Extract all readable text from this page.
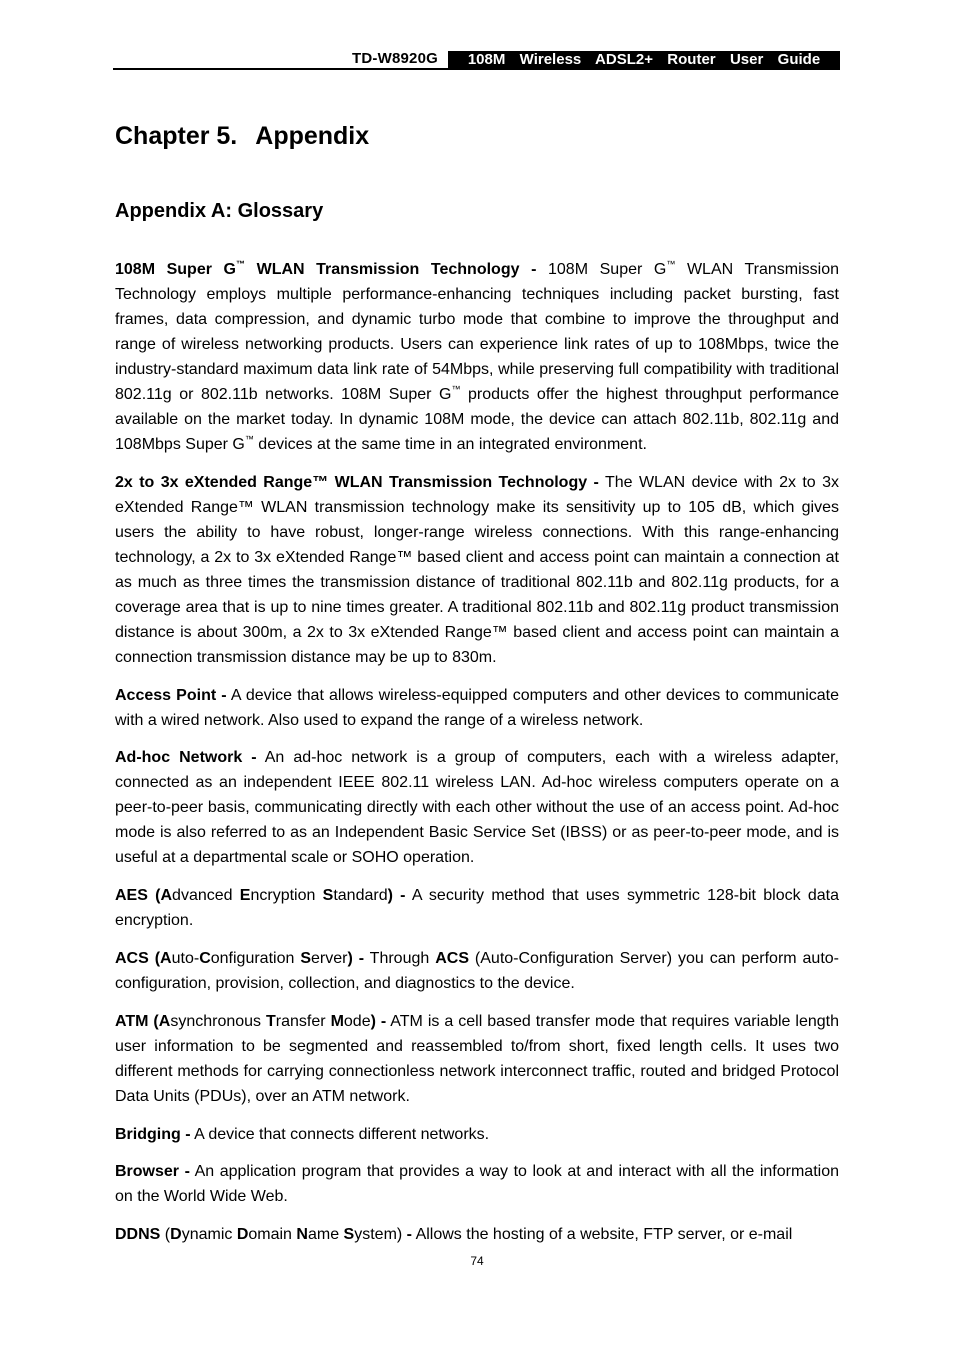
TD-W8920G	108M  Wireless  ADSL2+  Router  User  Guide
Chapter 5. Appendix
Appendix A: Glossary

108M Super G™ WLAN Transmission Technology - 108M Super G™ WLAN Transmission Technology employs multiple performance-enhancing techniques including packet bursting, fast frames, data compression, and dynamic turbo mode that combine to improve the throughput and range of wireless networking products. Users can experience link rates of up to 108Mbps, twice the industry-standard maximum data link rate of 54Mbps, while preserving full compatibility with traditional 802.11g or 802.11b networks. 108M Super G™ products offer the highest throughput performance available on the market today. In dynamic 108M mode, the device can attach 802.11b, 802.11g and 108Mbps Super G™ devices at the same time in an integrated environment.

2x to 3x eXtended Range™ WLAN Transmission Technology - The WLAN device with 2x to 3x eXtended Range™ WLAN transmission technology make its sensitivity up to 105 dB, which gives users the ability to have robust, longer-range wireless connections. With this range-enhancing technology, a 2x to 3x eXtended Range™ based client and access point can maintain a connection at as much as three times the transmission distance of traditional 802.11b and 802.11g products, for a coverage area that is up to nine times greater. A traditional 802.11b and 802.11g product transmission distance is about 300m, a 2x to 3x eXtended Range™ based client and access point can maintain a connection transmission distance may be up to 830m.

Access Point - A device that allows wireless-equipped computers and other devices to communicate with a wired network. Also used to expand the range of a wireless network.

Ad-hoc Network - An ad-hoc network is a group of computers, each with a wireless adapter, connected as an independent IEEE 802.11 wireless LAN. Ad-hoc wireless computers operate on a peer-to-peer basis, communicating directly with each other without the use of an access point. Ad-hoc mode is also referred to as an Independent Basic Service Set (IBSS) or as peer-to-peer mode, and is useful at a departmental scale or SOHO operation.

AES (Advanced Encryption Standard) - A security method that uses symmetric 128-bit block data encryption.

ACS (Auto-Configuration Server) - Through ACS (Auto-Configuration Server) you can perform auto-configuration, provision, collection, and diagnostics to the device.

ATM (Asynchronous Transfer Mode) - ATM is a cell based transfer mode that requires variable length user information to be segmented and reassembled to/from short, fixed length cells. It uses two different methods for carrying connectionless network interconnect traffic, routed and bridged Protocol Data Units (PDUs), over an ATM network.

Bridging - A device that connects different networks.

Browser - An application program that provides a way to look at and interact with all the information on the World Wide Web.

DDNS (Dynamic Domain Name System) - Allows the hosting of a website, FTP server, or e-mail

74
